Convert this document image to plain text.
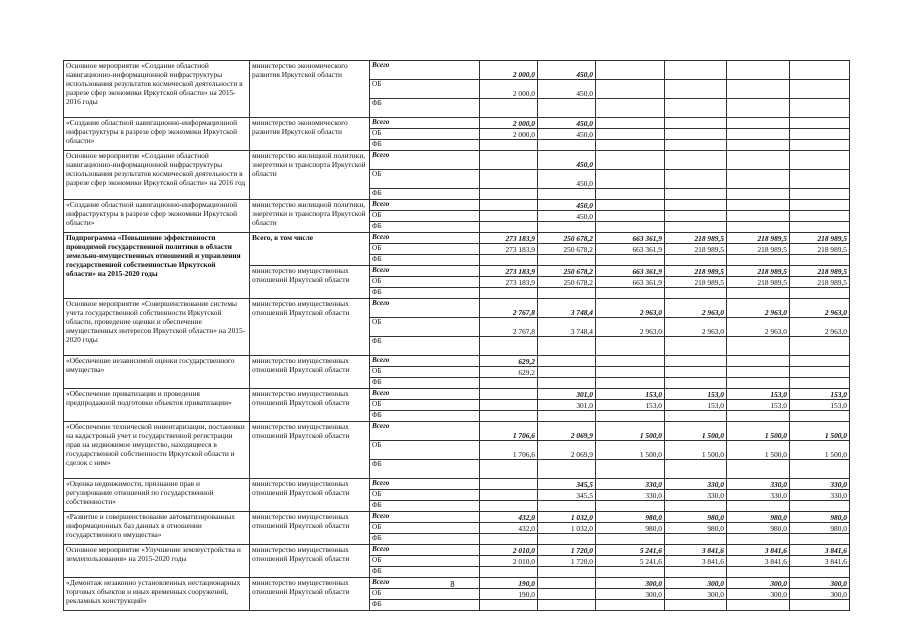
Основное мероприятие «Создание областной навигационно-информационной инфраструктуры использования результатов космической деятельности в разрезе сфер экономики Иркутской области» на 2015-2016 годы	министерство экономического развития Иркутской области	Всего	2 000,0	450,0				
		ОБ	2 000,0	450,0				
		ФБ						
«Создание областной навигационно-информационной инфраструктуры в разрезе сфер экономики Иркутской области»	министерство экономического развития Иркутской области	Всего	2 000,0	450,0				
		ОБ	2 000,0	450,0				
		ФБ						
Основное мероприятие «Создание областной навигационно-информационной инфраструктуры использования результатов космической деятельности в разрезе сфер экономики Иркутской области» на 2016 год	министерство жилищной политики, энергетики и транспорта Иркутской области	Всего		450,0				
		ОБ		450,0				
		ФБ						
«Создание областной навигационно-информационной инфраструктуры в разрезе сфер экономики Иркутской области»	министерство жилищной политики, энергетики и транспорта Иркутской области	Всего		450,0				
		ОБ		450,0				
		ФБ						
Подпрограмма «Повышение эффективности проводимой государственной политики в области земельно-имущественных отношений и управления государственной собственностью Иркутской области» на 2015-2020 годы	Всего, в том числе	Всего	273 183,9	250 678,2	663 361,9	218 989,5	218 989,5	218 989,5
		ОБ	273 183,9	250 678,2	663 361,9	218 989,5	218 989,5	218 989,5
		ФБ						
	министерство имущественных отношений Иркутской области	Всего	273 183,9	250 678,2	663 361,9	218 989,5	218 989,5	218 989,5
		ОБ	273 183,9	250 678,2	663 361,9	218 989,5	218 989,5	218 989,5
		ФБ						
Основное мероприятие «Совершенствование системы учета государственной собственности Иркутской области, проведение оценки и обеспечение имущественных интересов Иркутской области» на 2015-2020 годы	министерство имущественных отношений Иркутской области	Всего	2 767,8	3 748,4	2 963,0	2 963,0	2 963,0	2 963,0
		ОБ	2 767,8	3 748,4	2 963,0	2 963,0	2 963,0	2 963,0
		ФБ						
«Обеспечение независимой оценки государственного имущества»	министерство имущественных отношений Иркутской области	Всего	629,2					
		ОБ	629,2					
		ФБ						
«Обеспечение приватизации и проведения предпродажной подготовки объектов приватизации»	министерство имущественных отношений Иркутской области	Всего		301,0	153,0	153,0	153,0	153,0
		ОБ		301,0	153,0	153,0	153,0	153,0
		ФБ						
«Обеспечение технической инвентаризации, постановки на кадастровый учет и государственной регистрации прав на недвижимое имущество, находящееся в государственной собственности Иркутской области и сделок с ним»	министерство имущественных отношений Иркутской области	Всего	1 706,6	2 069,9	1 500,0	1 500,0	1 500,0	1 500,0
		ОБ	1 706,6	2 069,9	1 500,0	1 500,0	1 500,0	1 500,0
		ФБ						
«Оценка недвижимости, признание прав и регулирование отношений по государственной собственности»	министерство имущественных отношений Иркутской области	Всего		345,5	330,0	330,0	330,0	330,0
		ОБ		345,5	330,0	330,0	330,0	330,0
		ФБ						
«Развитие и совершенствование автоматизированных информационных баз данных в отношении государственного имущества»	министерство имущественных отношений Иркутской области	Всего	432,0	1 032,0	980,0	980,0	980,0	980,0
		ОБ	432,0	1 032,0	980,0	980,0	980,0	980,0
		ФБ						
Основное мероприятие «Улучшение землеустройства и землепользования» на 2015-2020 годы	министерство имущественных отношений Иркутской области	Всего	2 010,0	1 720,0	5 241,6	3 841,6	3 841,6	3 841,6
		ОБ	2 010,0	1 720,0	5 241,6	3 841,6	3 841,6	3 841,6
		ФБ						
«Демонтаж незаконно установленных нестационарных торговых объектов и иных временных сооружений, рекламных конструкций»	министерство имущественных отношений Иркутской области	Всего	190,0		300,0	300,0	300,0	300,0
		ОБ	190,0		300,0	300,0	300,0	300,0
		ФБ						
8
